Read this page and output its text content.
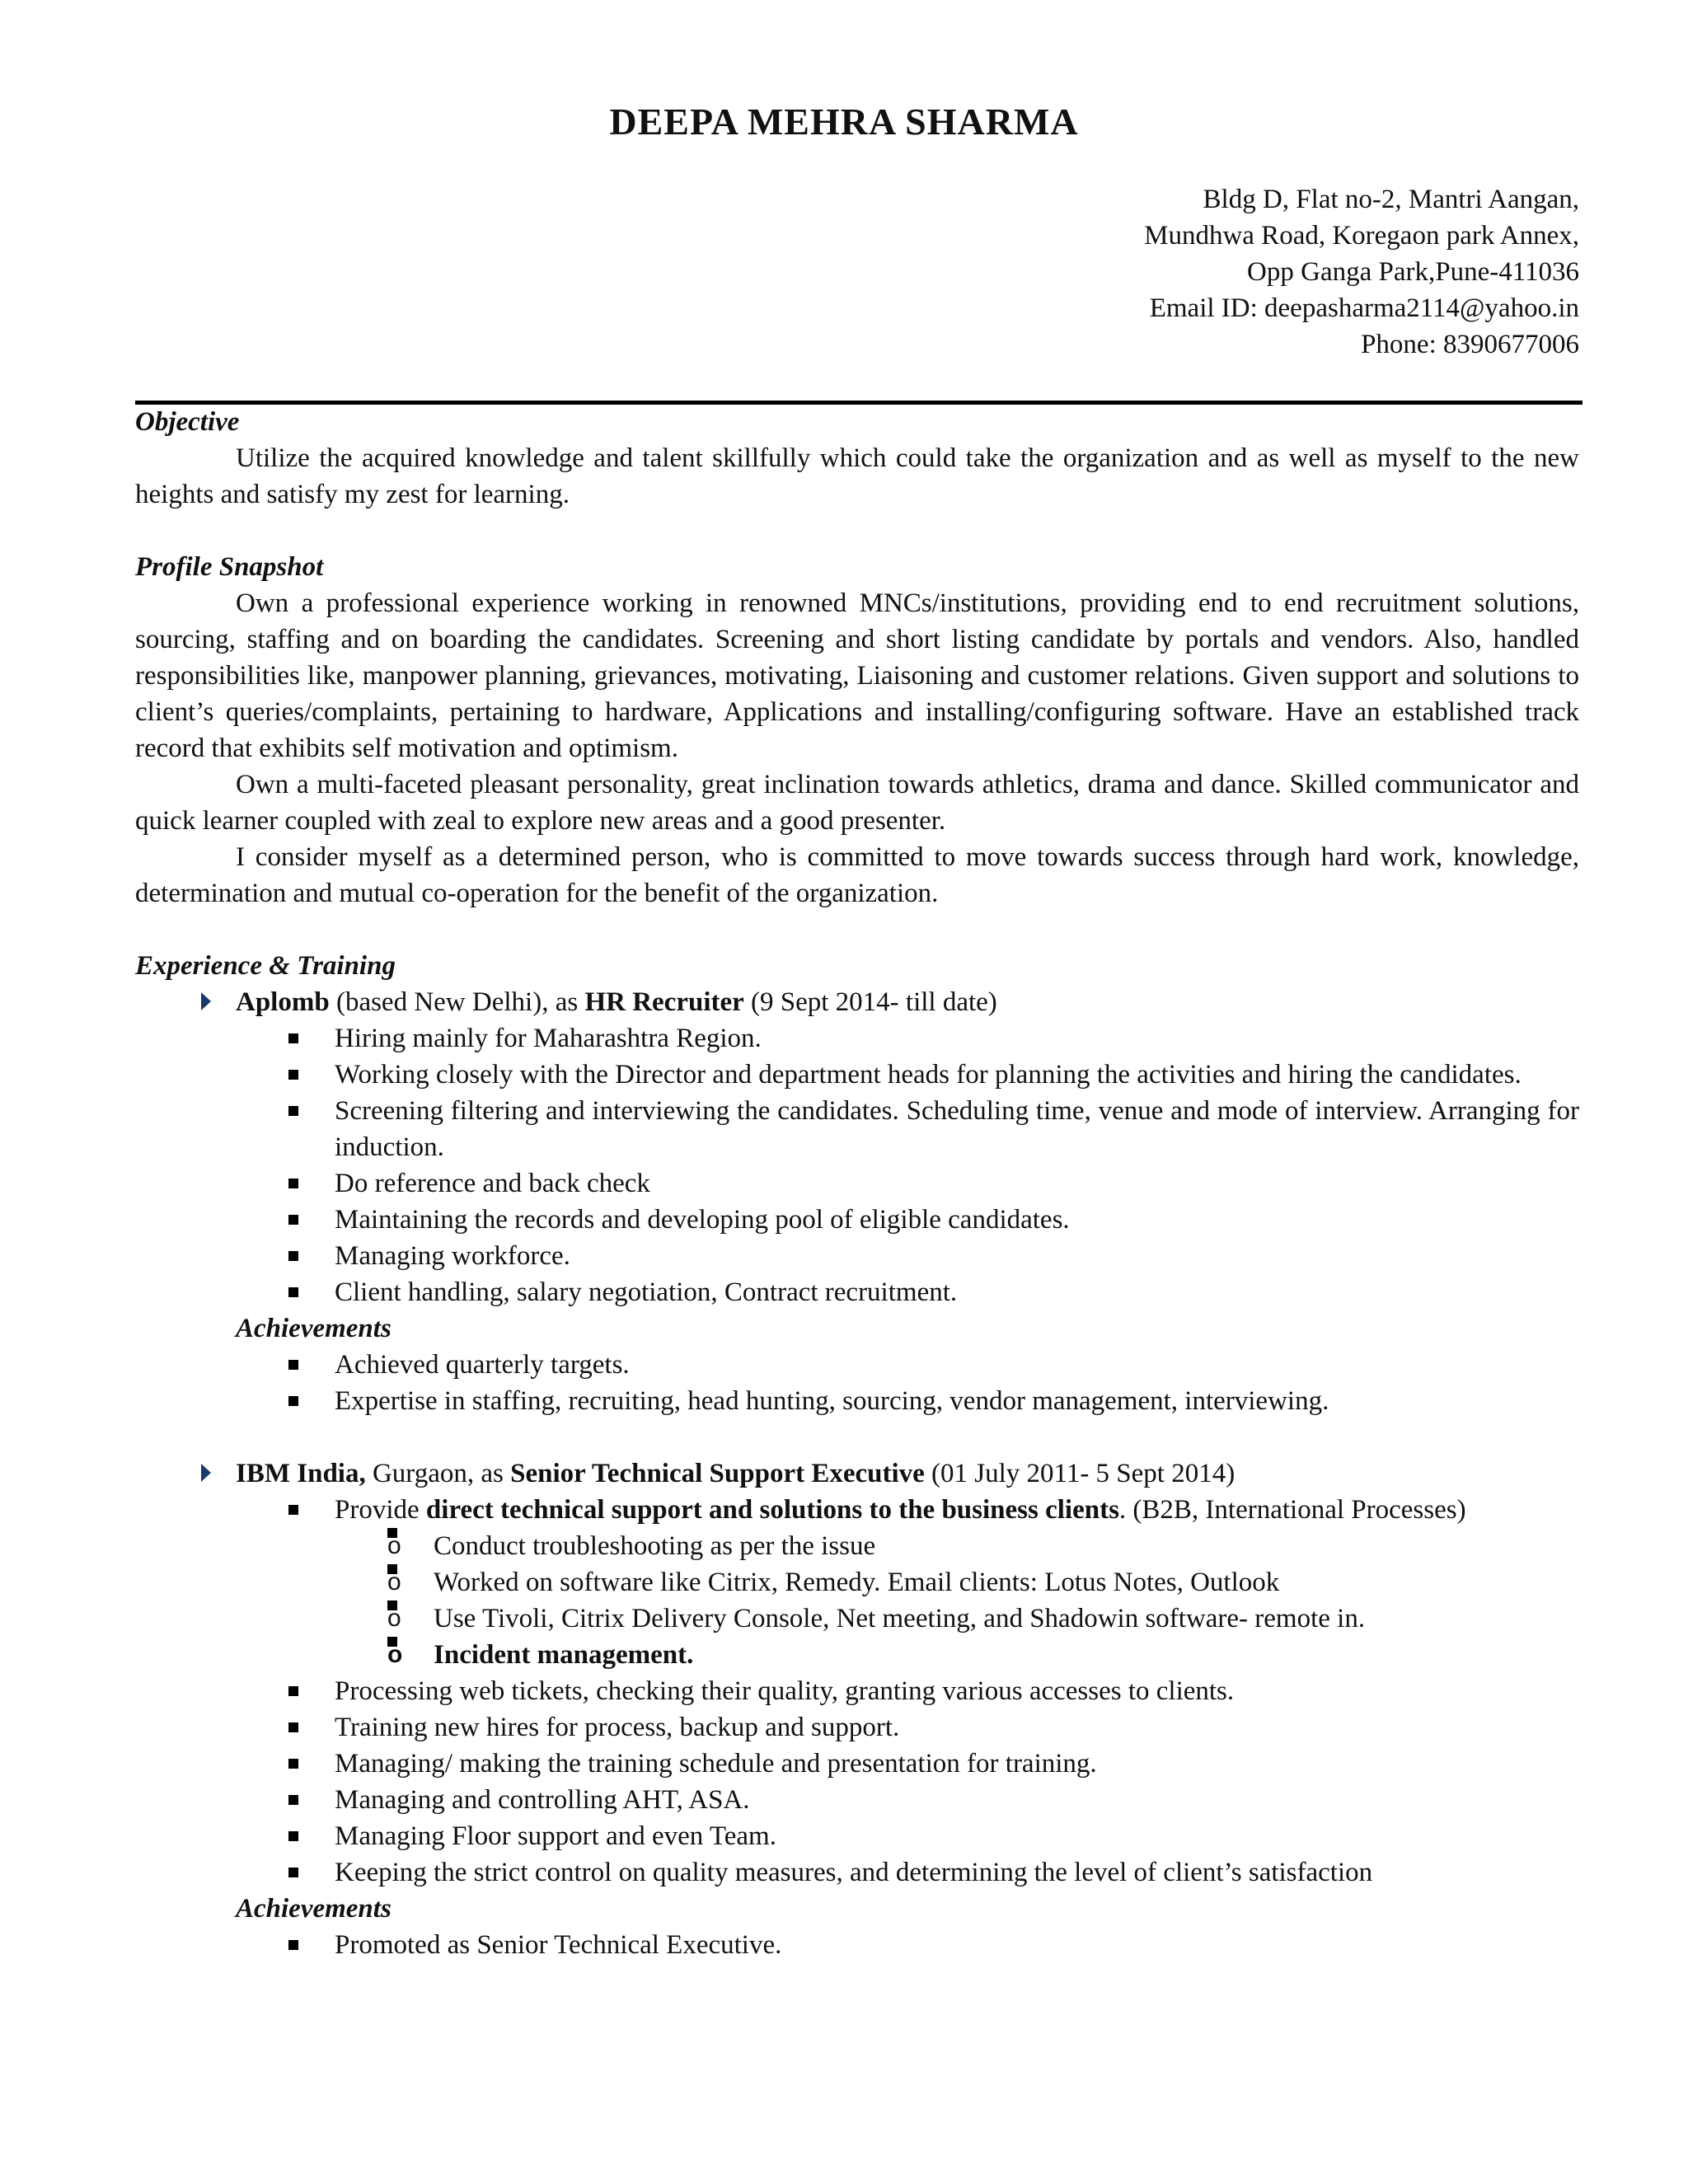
DEEPA MEHRA SHARMA
Bldg D, Flat no-2, Mantri Aangan,
Mundhwa Road, Koregaon park Annex,
Opp Ganga Park,Pune-411036
Email ID: deepasharma2114@yahoo.in
Phone: 8390677006
Objective
Utilize the acquired knowledge and talent skillfully which could take the organization and as well as myself to the new heights and satisfy my zest for learning.
Profile Snapshot
Own a professional experience working in renowned MNCs/institutions, providing end to end recruitment solutions, sourcing, staffing and on boarding the candidates. Screening and short listing candidate by portals and vendors. Also, handled responsibilities like, manpower planning, grievances, motivating, Liaisoning and customer relations. Given support and solutions to client’s queries/complaints, pertaining to hardware, Applications and installing/configuring software. Have an established track record that exhibits self motivation and optimism.
Own a multi-faceted pleasant personality, great inclination towards athletics, drama and dance. Skilled communicator and quick learner coupled with zeal to explore new areas and a good presenter.
I consider myself as a determined person, who is committed to move towards success through hard work, knowledge, determination and mutual co-operation for the benefit of the organization.
Experience & Training
Aplomb (based New Delhi), as HR Recruiter (9 Sept 2014- till date)
Hiring mainly for Maharashtra Region.
Working closely with the Director and department heads for planning the activities and hiring the candidates.
Screening filtering and interviewing the candidates. Scheduling time, venue and mode of interview. Arranging for induction.
Do reference and back check
Maintaining the records and developing pool of eligible candidates.
Managing workforce.
Client handling, salary negotiation, Contract recruitment.
Achievements
Achieved quarterly targets.
Expertise in staffing, recruiting, head hunting, sourcing, vendor management, interviewing.
IBM India, Gurgaon, as Senior Technical Support Executive (01 July 2011- 5 Sept 2014)
Provide direct technical support and solutions to the business clients. (B2B, International Processes)
o Conduct troubleshooting as per the issue
o Worked on software like Citrix, Remedy. Email clients: Lotus Notes, Outlook
o Use Tivoli, Citrix Delivery Console, Net meeting, and Shadowin software- remote in.
o Incident management.
Processing web tickets, checking their quality, granting various accesses to clients.
Training new hires for process, backup and support.
Managing/ making the training schedule and presentation for training.
Managing and controlling AHT, ASA.
Managing Floor support and even Team.
Keeping the strict control on quality measures, and determining the level of client’s satisfaction
Achievements
Promoted as Senior Technical Executive.
